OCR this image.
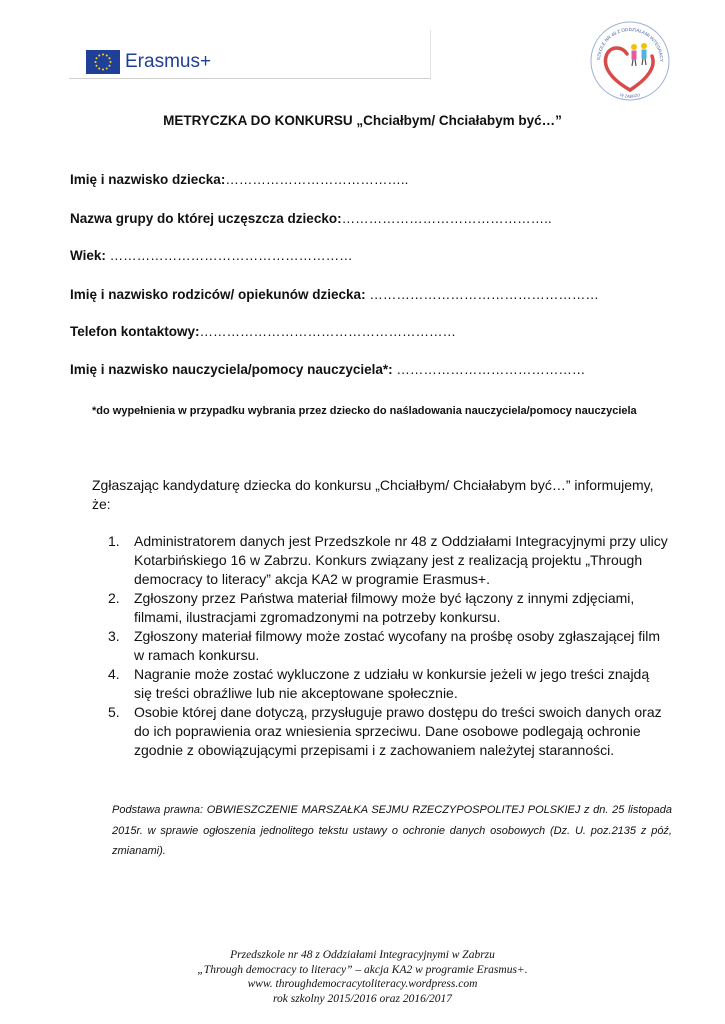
Erasmus+	SZKOLE NR 48 Z ODDZIAŁAMI INTEGRACY
W ZABRZU
METRYCZKA DO KONKURSU „Chciałbym/ Chciałabym być…”
Imię i nazwisko dziecka:…………………………………..
Nazwa grupy do której uczęszcza dziecko:………………………………………..
Wiek: ………………………………………………
Imię i nazwisko rodziców/ opiekunów dziecka: ……………………………………………
Telefon kontaktowy:…………………………………………………
Imię i nazwisko nauczyciela/pomocy nauczyciela*: ……………………………………
*do wypełnienia w przypadku wybrania przez dziecko do naśladowania nauczyciela/pomocy nauczyciela
Zgłaszając kandydaturę dziecka do konkursu „Chciałbym/ Chciałabym być…” informujemy, że:
1.	Administratorem danych jest Przedszkole nr 48 z Oddziałami Integracyjnymi przy ulicy Kotarbińskiego 16 w Zabrzu. Konkurs związany jest z realizacją projektu „Through democracy to literacy” akcja KA2 w programie Erasmus+.
2.	Zgłoszony przez Państwa materiał filmowy może być łączony z innymi zdjęciami, filmami, ilustracjami zgromadzonymi na potrzeby konkursu.
3.	Zgłoszony materiał filmowy może zostać wycofany na prośbę osoby zgłaszającej film w ramach konkursu.
4.	Nagranie może zostać wykluczone z udziału w konkursie jeżeli w jego treści znajdą się treści obraźliwe lub nie akceptowane społecznie.
5.	Osobie której dane dotyczą, przysługuje prawo dostępu do treści swoich danych oraz do ich poprawienia oraz wniesienia sprzeciwu. Dane osobowe podlegają ochronie zgodnie z obowiązującymi przepisami i z zachowaniem należytej staranności.
Podstawa prawna: OBWIESZCZENIE MARSZAŁKA SEJMU RZECZYPOSPOLITEJ POLSKIEJ z dn. 25 listopada 2015r. w sprawie ogłoszenia jednolitego tekstu ustawy o ochronie danych osobowych (Dz. U. poz.2135 z póź, zmianami).
Przedszkole nr 48 z Oddziałami Integracyjnymi w Zabrzu
„Through democracy to literacy” – akcja KA2 w programie Erasmus+.
www. throughdemocracytoliteracy.wordpress.com
rok szkolny 2015/2016 oraz 2016/2017
